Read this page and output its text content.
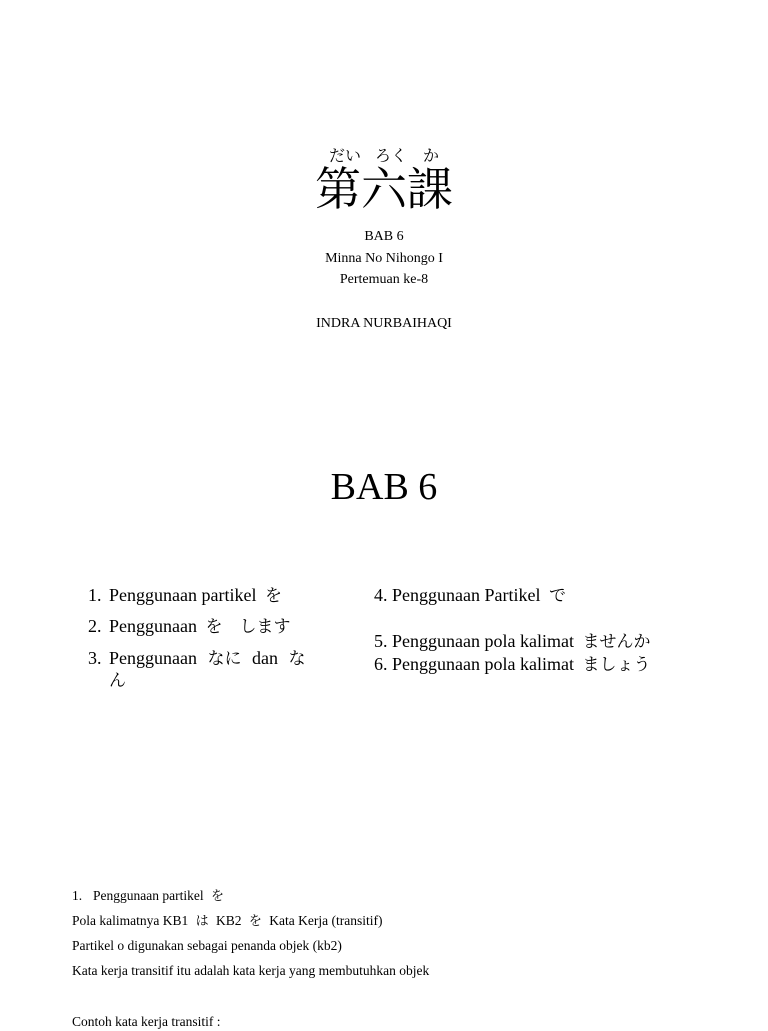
だい ろく か
第六課
BAB 6
Minna No Nihongo I
Pertemuan ke-8
INDRA NURBAIHAQI
BAB 6
1. Penggunaan partikel を
2. Penggunaan を　します
3. Penggunaan なに dan な
ん
4. Penggunaan Partikel で
5. Penggunaan pola kalimat ませんか
6. Penggunaan pola kalimat ましょう
1. Penggunaan partikel を
Pola kalimatnya KB1 は KB2 を Kata Kerja (transitif)
Partikel o digunakan sebagai penanda objek (kb2)
Kata kerja transitif itu adalah kata kerja yang membutuhkan objek
Contoh kata kerja transitif :
